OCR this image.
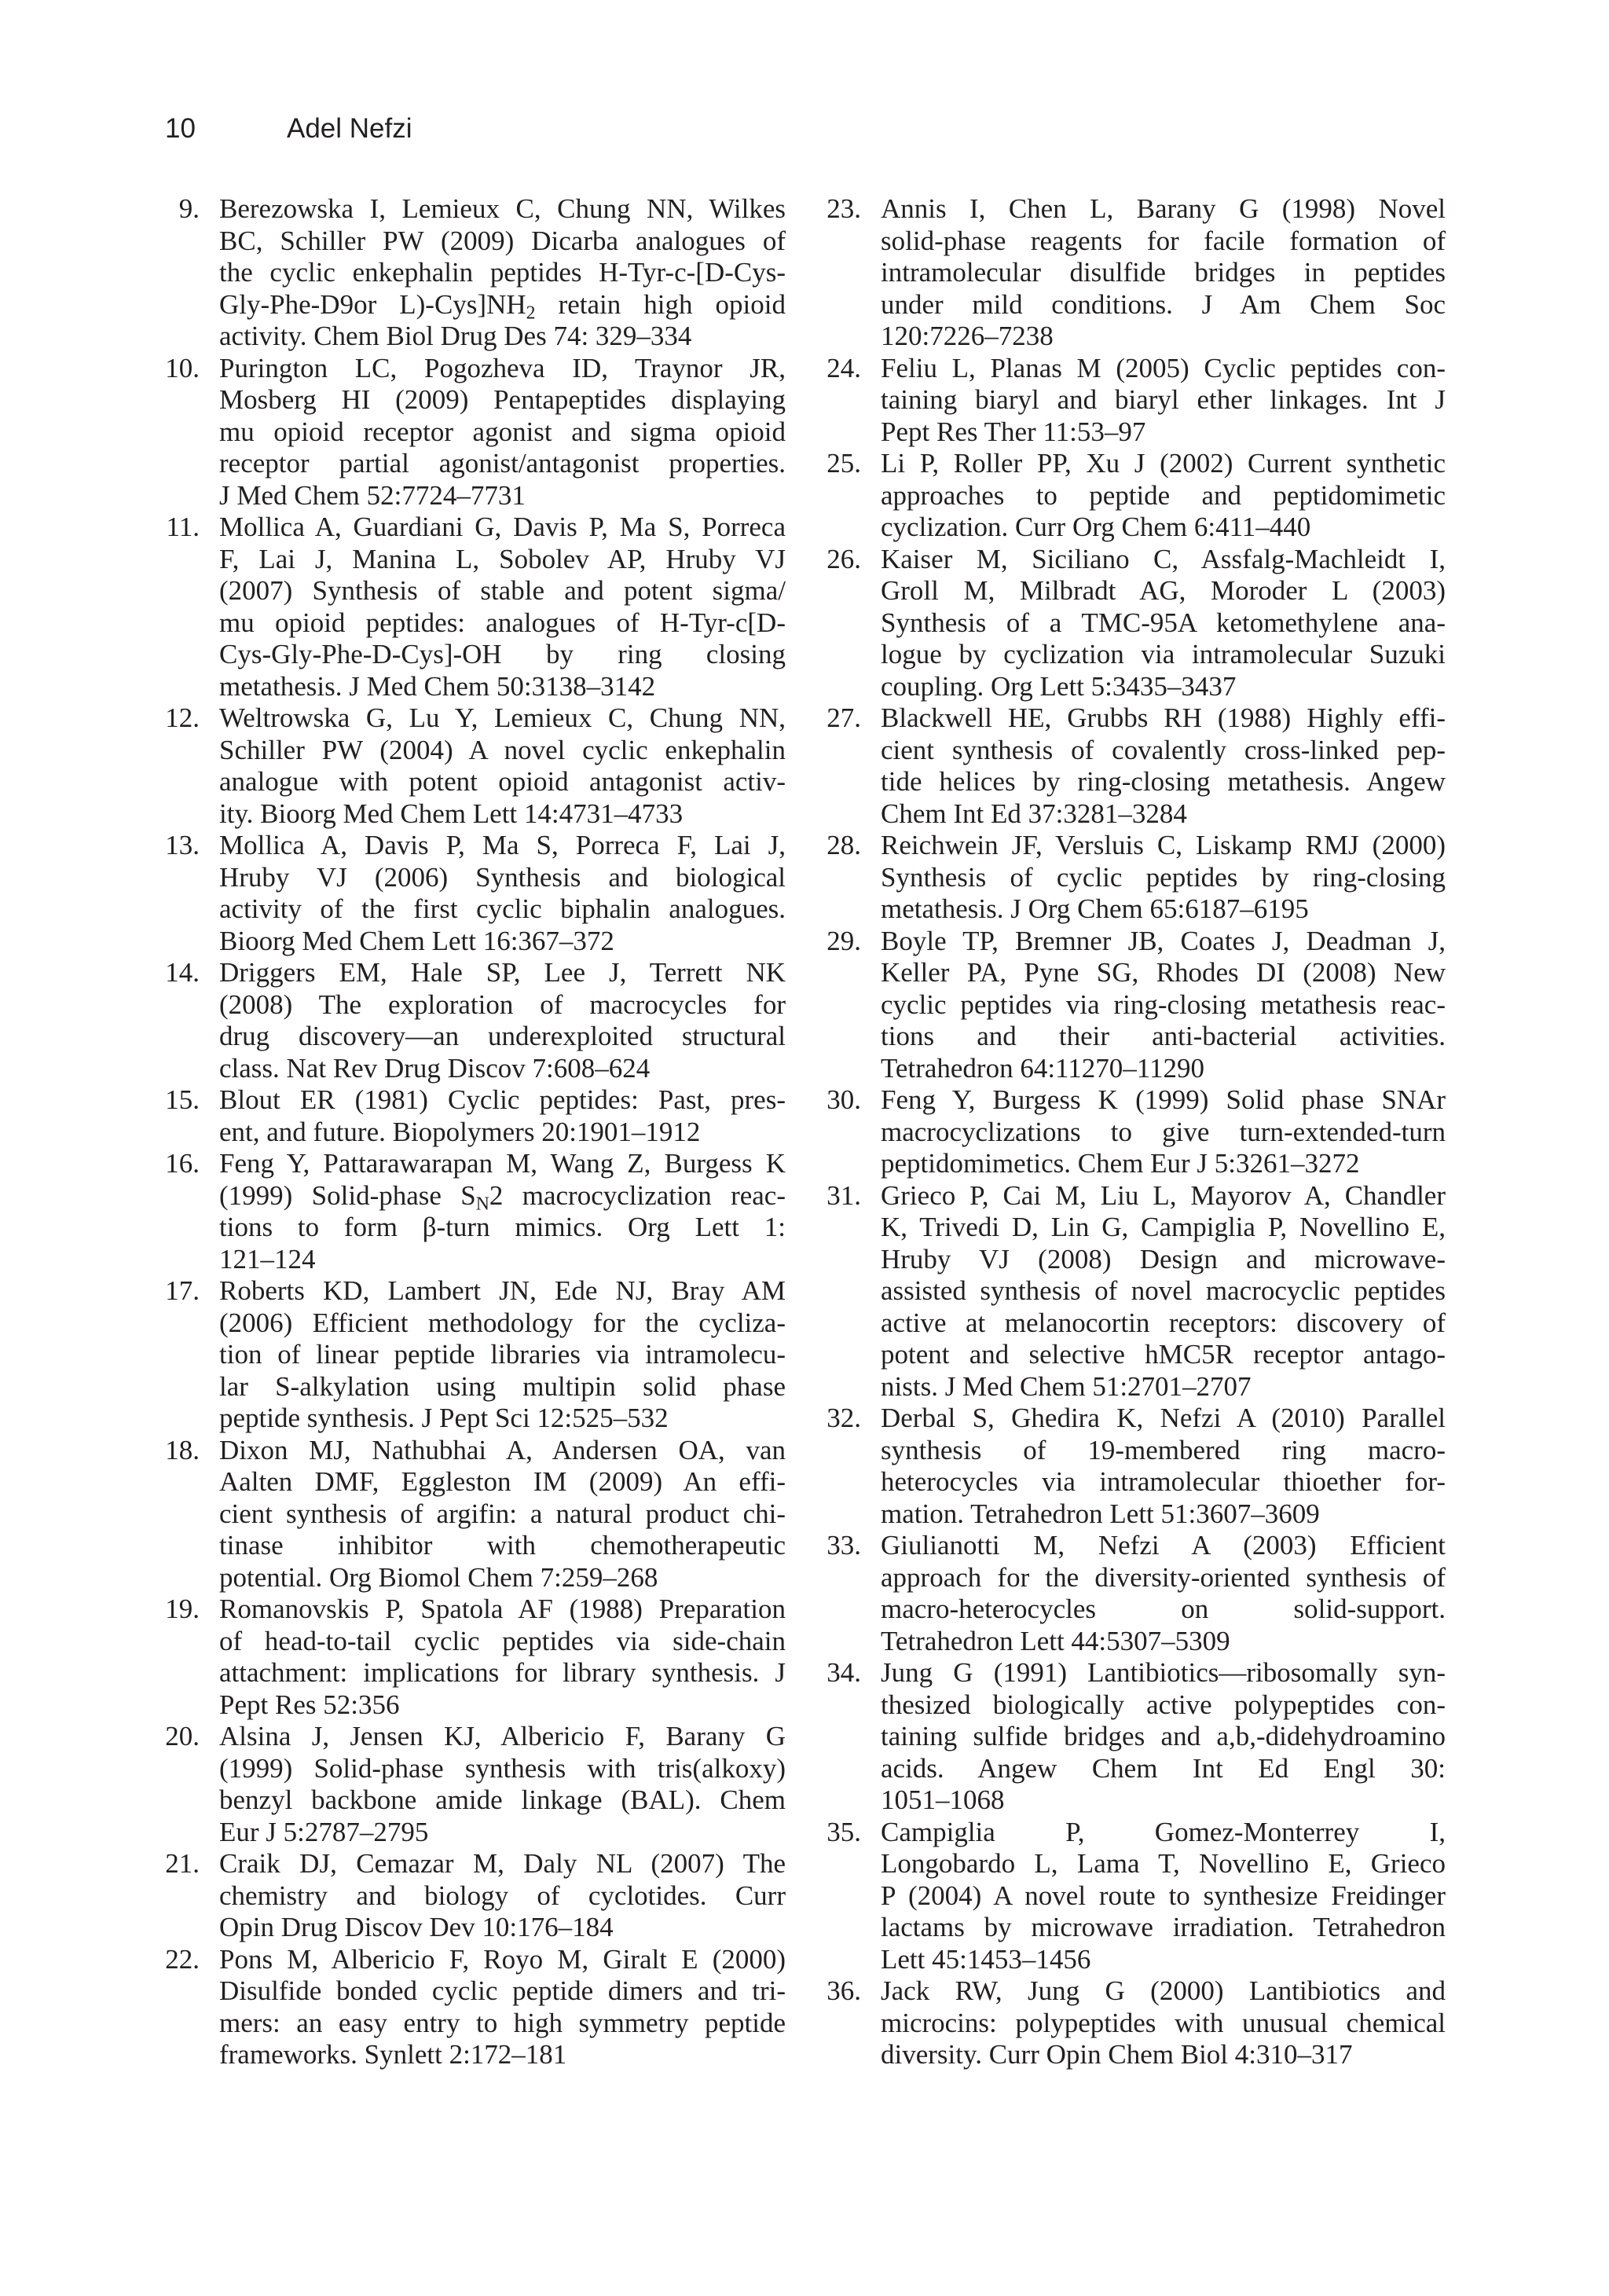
10	Adel Nefzi
9. Berezowska I, Lemieux C, Chung NN, Wilkes
BC, Schiller PW (2009) Dicarba analogues of
the cyclic enkephalin peptides H-Tyr-c-[D-Cys-
Gly-Phe-D9or $L)-Cys]NH_2$ retain high opioid
activity. Chem Biol Drug Des 74: 329–334
10. Purington LC, Pogozheva ID, Traynor JR,
Mosberg HI (2009) Pentapeptides displaying
mu opioid receptor agonist and sigma opioid
receptor partial agonist/antagonist properties.
J Med Chem 52:7724–7731
11. Mollica A, Guardiani G, Davis P, Ma S, Porreca
F, Lai J, Manina L, Sobolev AP, Hruby VJ
(2007) Synthesis of stable and potent sigma/
mu opioid peptides: analogues of H-Tyr-c[D-
Cys-Gly-Phe-D-Cys]-OH by ring closing
metathesis. J Med Chem 50:3138–3142
12. Weltrowska G, Lu Y, Lemieux C, Chung NN,
Schiller PW (2004) A novel cyclic enkephalin
analogue with potent opioid antagonist activ-
ity. Bioorg Med Chem Lett 14:4731–4733
13. Mollica A, Davis P, Ma S, Porreca F, Lai J,
Hruby VJ (2006) Synthesis and biological
activity of the first cyclic biphalin analogues.
Bioorg Med Chem Lett 16:367–372
14. Driggers EM, Hale SP, Lee J, Terrett NK
(2008) The exploration of macrocycles for
drug discovery—an underexploited structural
class. Nat Rev Drug Discov 7:608–624
15. Blout ER (1981) Cyclic peptides: Past, pres-
ent, and future. Biopolymers 20:1901–1912
16. Feng Y, Pattarawarapan M, Wang Z, Burgess K
(1999) Solid-phase $S_N2$ macrocyclization reac-
tions to form β-turn mimics. Org Lett 1:
121–124
17. Roberts KD, Lambert JN, Ede NJ, Bray AM
(2006) Efficient methodology for the cycliza-
tion of linear peptide libraries via intramolecu-
lar S-alkylation using multipin solid phase
peptide synthesis. J Pept Sci 12:525–532
18. Dixon MJ, Nathubhai A, Andersen OA, van
Aalten DMF, Eggleston IM (2009) An effi-
cient synthesis of argifin: a natural product chi-
tinase inhibitor with chemotherapeutic
potential. Org Biomol Chem 7:259–268
19. Romanovskis P, Spatola AF (1988) Preparation
of head-to-tail cyclic peptides via side-chain
attachment: implications for library synthesis. J
Pept Res 52:356
20. Alsina J, Jensen KJ, Albericio F, Barany G
(1999) Solid-phase synthesis with tris(alkoxy)
benzyl backbone amide linkage (BAL). Chem
Eur J 5:2787–2795
21. Craik DJ, Cemazar M, Daly NL (2007) The
chemistry and biology of cyclotides. Curr
Opin Drug Discov Dev 10:176–184
22. Pons M, Albericio F, Royo M, Giralt E (2000)
Disulfide bonded cyclic peptide dimers and tri-
mers: an easy entry to high symmetry peptide
frameworks. Synlett 2:172–181
23. Annis I, Chen L, Barany G (1998) Novel
solid-phase reagents for facile formation of
intramolecular disulfide bridges in peptides
under mild conditions. J Am Chem Soc
120:7226–7238
24. Feliu L, Planas M (2005) Cyclic peptides con-
taining biaryl and biaryl ether linkages. Int J
Pept Res Ther 11:53–97
25. Li P, Roller PP, Xu J (2002) Current synthetic
approaches to peptide and peptidomimetic
cyclization. Curr Org Chem 6:411–440
26. Kaiser M, Siciliano C, Assfalg-Machleidt I,
Groll M, Milbradt AG, Moroder L (2003)
Synthesis of a TMC-95A ketomethylene ana-
logue by cyclization via intramolecular Suzuki
coupling. Org Lett 5:3435–3437
27. Blackwell HE, Grubbs RH (1988) Highly effi-
cient synthesis of covalently cross-linked pep-
tide helices by ring-closing metathesis. Angew
Chem Int Ed 37:3281–3284
28. Reichwein JF, Versluis C, Liskamp RMJ (2000)
Synthesis of cyclic peptides by ring-closing
metathesis. J Org Chem 65:6187–6195
29. Boyle TP, Bremner JB, Coates J, Deadman J,
Keller PA, Pyne SG, Rhodes DI (2008) New
cyclic peptides via ring-closing metathesis reac-
tions and their anti-bacterial activities.
Tetrahedron 64:11270–11290
30. Feng Y, Burgess K (1999) Solid phase SNAr
macrocyclizations to give turn-extended-turn
peptidomimetics. Chem Eur J 5:3261–3272
31. Grieco P, Cai M, Liu L, Mayorov A, Chandler
K, Trivedi D, Lin G, Campiglia P, Novellino E,
Hruby VJ (2008) Design and microwave-
assisted synthesis of novel macrocyclic peptides
active at melanocortin receptors: discovery of
potent and selective hMC5R receptor antago-
nists. J Med Chem 51:2701–2707
32. Derbal S, Ghedira K, Nefzi A (2010) Parallel
synthesis of 19-membered ring macro-
heterocycles via intramolecular thioether for-
mation. Tetrahedron Lett 51:3607–3609
33. Giulianotti M, Nefzi A (2003) Efficient
approach for the diversity-oriented synthesis of
macro-heterocycles on solid-support.
Tetrahedron Lett 44:5307–5309
34. Jung G (1991) Lantibiotics—ribosomally syn-
thesized biologically active polypeptides con-
taining sulfide bridges and a,b,-didehydroamino
acids. Angew Chem Int Ed Engl 30:
1051–1068
35. Campiglia P, Gomez-Monterrey I,
Longobardo L, Lama T, Novellino E, Grieco
P (2004) A novel route to synthesize Freidinger
lactams by microwave irradiation. Tetrahedron
Lett 45:1453–1456
36. Jack RW, Jung G (2000) Lantibiotics and
microcins: polypeptides with unusual chemical
diversity. Curr Opin Chem Biol 4:310–317
